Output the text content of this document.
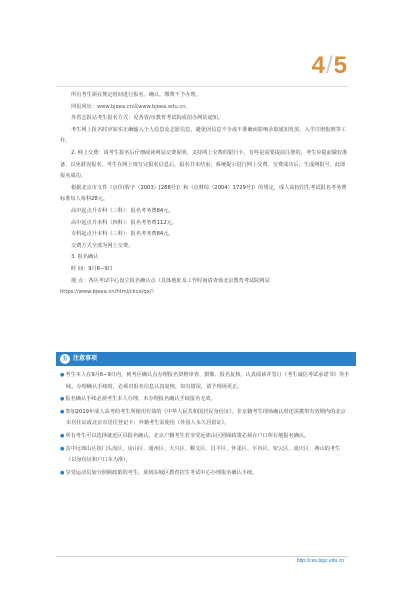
4/5

所有考生须在规定时间进行报名、确认、缴费不予办理。

网报网址：www.bjeea.cn或www.bjeea.edu.cn。

外省志报站考生报名方式：见各省/市教育考试院或招办网站通知。

考生网上报名时应如实正确输入个人信息及志愿信息，避免因信息不全或不准确而影响录取通知发放、入学注册报到等工作。

2. 网上交费：请考生报名后仔细阅读网站交费说明。支持网上交费的银行卡，有些是需要提前注册的，考生应提前做好准备，以免耽误报名。考生在网上填写完报名信息后，报名并未结束，系统提示进行网上交费。交费成功后，生成网报号，此即报名成功。

根据北京市文件（京价(收字（2003）[288号]）和（京财综（2004）1729号]）的规定，成人高校招生考试报名考务费标准每人每科28元。

高中起点升专科（三科）：报名考务费84元。

高中起点升本科（四科）：报名考务费112元。

专科起点升本科（三科）：报名考务费84元。

交费方式全部为网上交费。

3. 报名确认

时 间：9月6−9日

地 点：各区考试中心设立报名确认点（具体地址及工作时间请查询北京教育考试院网站

https://www.bjeea.cn/html/ckcx/qx/）

五 注意事项

●考生本人在9月6−9日内，到考区确认点办理报名资格审查、摄像、报名复核，认真阅读并签订《考生诚信考试承诺书》等手续。办理确认手续时，必须对报名信息认真复核，如有错误，请予现场更正。

●报名确认手续必须考生本人办理，未办理报名确认手续报名无效。

●参加2019年成人高考的考生所使用有效的《中华人民共和国居民身份证》。非京籍考生现场确认时还需携带有效期内的北京市居住证或北京市居住登记卡；外籍考生需使用《外国人永久居留证》。

●所有考生可以选择就近区县报名确认。北京户籍考生若享受远郊山区照顾政策必须在户口所在地报名确认。

●其中远郊山区指门头沟区、房山区、通州区、大兴区、顺义区、昌平区、怀柔区、平谷区、密云区、延庆区、燕山的考生（以身份证和户口本为准）。

●享受运动员加分照顾政策的考生，须到东城区教育招生考试中心办理报名确认手续。

http://ces.bigc.edu.cn
